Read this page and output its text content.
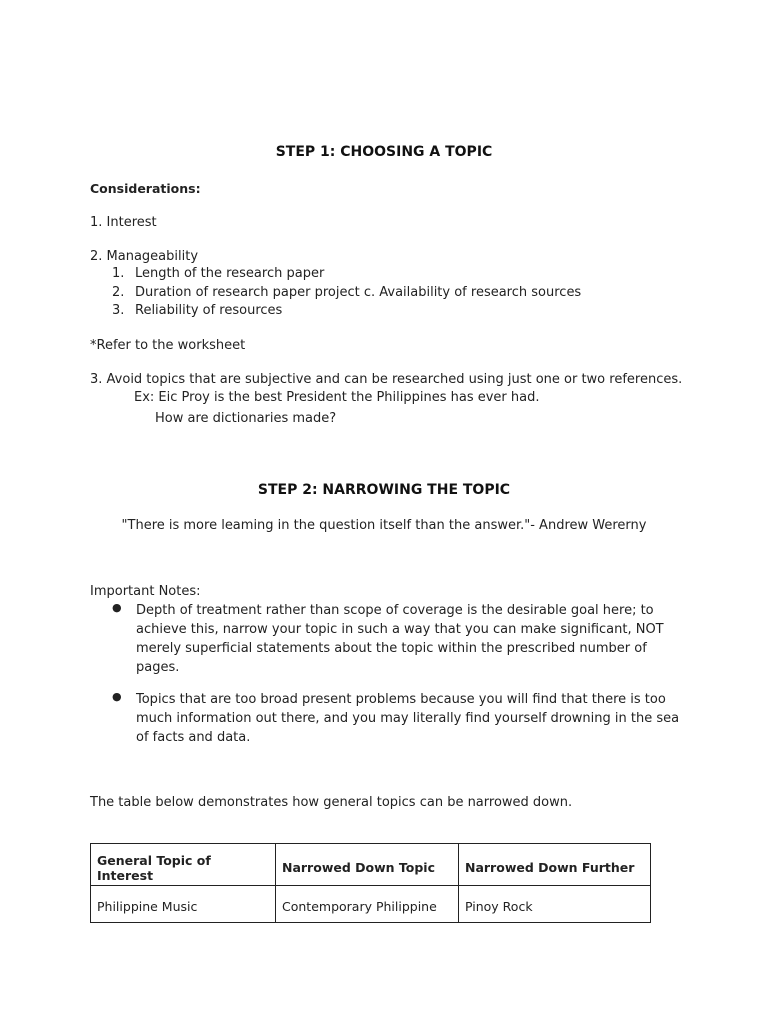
STEP 1: CHOOSING A TOPIC
Considerations:
1. Interest
2. Manageability
1. Length of the research paper
2. Duration of research paper project c. Availability of research sources
3. Reliability of resources
*Refer to the worksheet
3. Avoid topics that are subjective and can be researched using just one or two references.
Ex: Eic Proy is the best President the Philippines has ever had.
How are dictionaries made?
STEP 2: NARROWING THE TOPIC
"There is more leaming in the question itself than the answer."- Andrew Wererny
Important Notes:
● Depth of treatment rather than scope of coverage is the desirable goal here; to achieve this, narrow your topic in such a way that you can make significant, NOT merely superficial statements about the topic within the prescribed number of pages.
● Topics that are too broad present problems because you will find that there is too much information out there, and you may literally find yourself drowning in the sea of facts and data.
The table below demonstrates how general topics can be narrowed down.
General Topic of Interest	Narrowed Down Topic	Narrowed Down Further
Philippine Music	Contemporary Philippine	Pinoy Rock
